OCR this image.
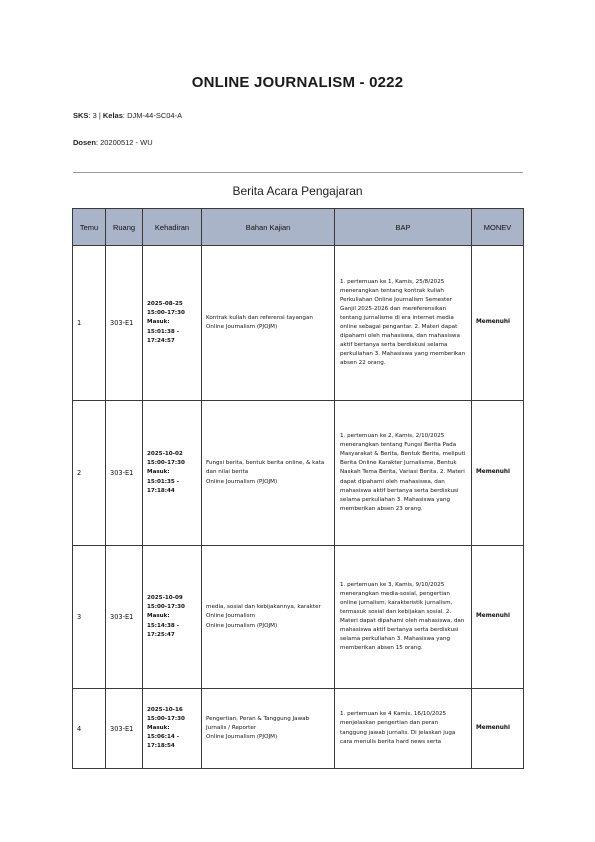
ONLINE JOURNALISM - 0222
SKS: 3 | Kelas: DJM-44-SC04-A
Dosen: 20200512 - WU
Berita Acara Pengajaran
Temu	Ruang	Kehadiran	Bahan Kajian	BAP	MONEV
1	303-E1	2025-08-25 15:00-17:30 Masuk: 15:01:38 - 17:24:57	Kontrak kuliah dan referensi tayangan
Online Journalism (PJOJM)	1. pertemuan ke 1, Kamis, 25/8/2025 menerangkan tentang kontrak kuliah Perkuliahan Online Journalism Semester Ganjil 2025-2026 dan mereferensikan tentang jurnalisme di era internet media online sebagai pengantar. 2. Materi dapat dipahami oleh mahasiswa, dan mahasiswa aktif bertanya serta berdiskusi selama perkuliahan 3. Mahasiswa yang memberikan absen 22 orang.	Memenuhi
2	303-E1	2025-10-02 15:00-17:30 Masuk: 15:01:35 - 17:18:44	Fungsi berita, bentuk berita online, & kata dan nilai berita
Online Journalism (PJOJM)	1. pertemuan ke 2, Kamis, 2/10/2025 menerangkan tentang Fungsi Berita Pada Masyarakat & Berita, Bentuk Berita, meliputi Berita Online Karakter Jurnalisme, Bentuk Naskah Tema Berita, Variasi Berita. 2. Materi dapat dipahami oleh mahasiswa, dan mahasiswa aktif bertanya serta berdiskusi selama perkuliahan 3. Mahasiswa yang memberikan absen 23 orang.	Memenuhi
3	303-E1	2025-10-09 15:00-17:30 Masuk: 15:14:38 - 17:25:47	media, sosial dan kebijakannya, karakter Online Journalism
Online Journalism (PJOJM)	1. pertemuan ke 3, Kamis, 9/10/2025 menerangkan media-sosial, pengertian online jurnalism, karakteristik jurnalism, termasuk sosial dan kebijakan sosial. 2. Materi dapat dipahami oleh mahasiswa, dan mahasiswa aktif bertanya serta berdiskusi selama perkuliahan 3. Mahasiswa yang memberikan absen 15 orang.	Memenuhi
4	303-E1	2025-10-16 15:00-17:30 Masuk: 15:06:14 - 17:18:54	Pengertian, Peran & Tanggung Jawab Jurnalis / Reporter
Online Journalism (PJOJM)	1. pertemuan ke 4 Kamis, 16/10/2025 menjelaskan pengertian dan peran tanggung jawab jurnalis. Di jelaskan juga cara menulis berita hard news serta	Memenuhi
